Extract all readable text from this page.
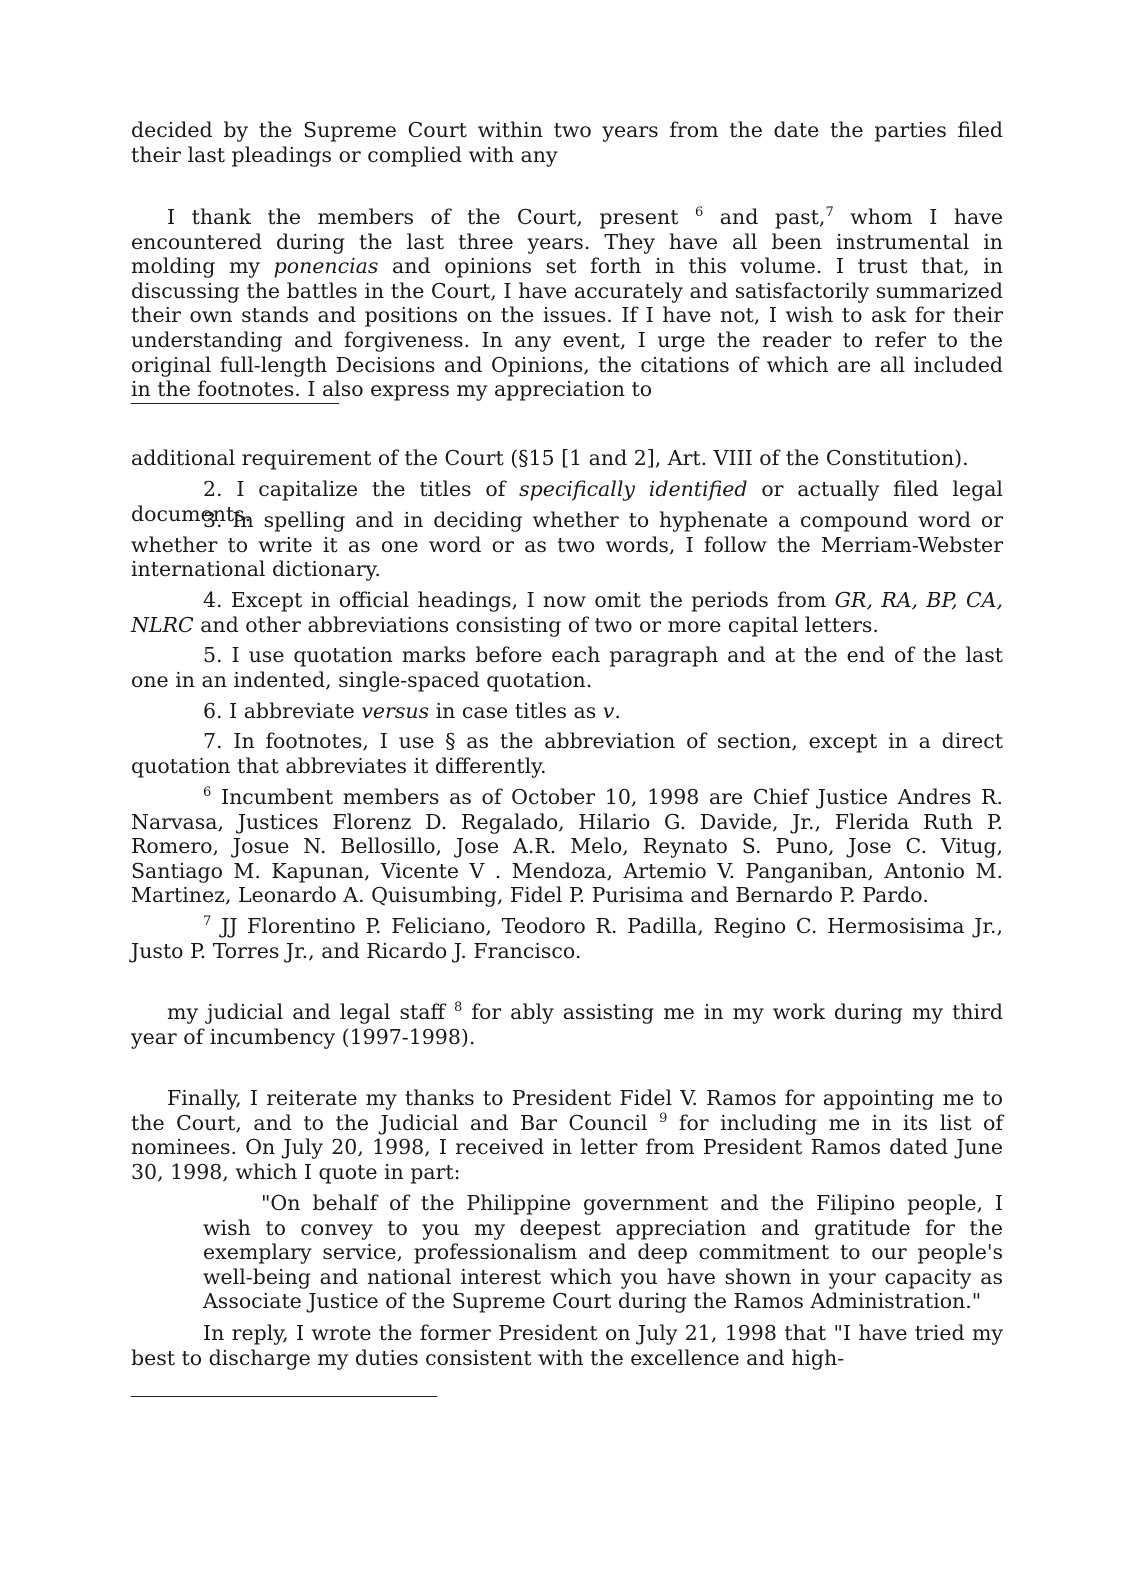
decided by the Supreme Court within two years from the date the parties filed their last pleadings or complied with any

I thank the members of the Court, present $^6$ and past,$^7$ whom I have encountered during the last three years. They have all been instrumental in molding my ponencias and opinions set forth in this volume. I trust that, in discussing the battles in the Court, I have accurately and satisfactorily summarized their own stands and positions on the issues. If I have not, I wish to ask for their understanding and forgiveness. In any event, I urge the reader to refer to the original full-length Decisions and Opinions, the citations of which are all included in the footnotes. I also express my appreciation to

additional requirement of the Court (§15 [1 and 2], Art. VIII of the Constitution).

2. I capitalize the titles of specifically identified or actually filed legal documents.

3. In spelling and in deciding whether to hyphenate a compound word or whether to write it as one word or as two words, I follow the Merriam-Webster international dictionary.

4. Except in official headings, I now omit the periods from GR, RA, BP, CA, NLRC and other abbreviations consisting of two or more capital letters.

5. I use quotation marks before each paragraph and at the end of the last one in an indented, single-spaced quotation.

6. I abbreviate versus in case titles as v.

7. In footnotes, I use § as the abbreviation of section, except in a direct quotation that abbreviates it differently.

$^6$ Incumbent members as of October 10, 1998 are Chief Justice Andres R. Narvasa, Justices Florenz D. Regalado, Hilario G. Davide, Jr., Flerida Ruth P. Romero, Josue N. Bellosillo, Jose A.R. Melo, Reynato S. Puno, Jose C. Vitug, Santiago M. Kapunan, Vicente V . Mendoza, Artemio V. Panganiban, Antonio M. Martinez, Leonardo A. Quisumbing, Fidel P. Purisima and Bernardo P. Pardo.

$^7$ JJ Florentino P. Feliciano, Teodoro R. Padilla, Regino C. Hermosisima Jr., Justo P. Torres Jr., and Ricardo J. Francisco.

my judicial and legal staff $^8$ for ably assisting me in my work during my third year of incumbency (1997-1998).

Finally, I reiterate my thanks to President Fidel V. Ramos for appointing me to the Court, and to the Judicial and Bar Council $^9$ for including me in its list of nominees. On July 20, 1998, I received in letter from President Ramos dated June 30, 1998, which I quote in part:

"On behalf of the Philippine government and the Filipino people, I wish to convey to you my deepest appreciation and gratitude for the exemplary service, professionalism and deep commitment to our people's well-being and national interest which you have shown in your capacity as Associate Justice of the Supreme Court during the Ramos Administration."

In reply, I wrote the former President on July 21, 1998 that "I have tried my best to discharge my duties consistent with the excellence and high-
